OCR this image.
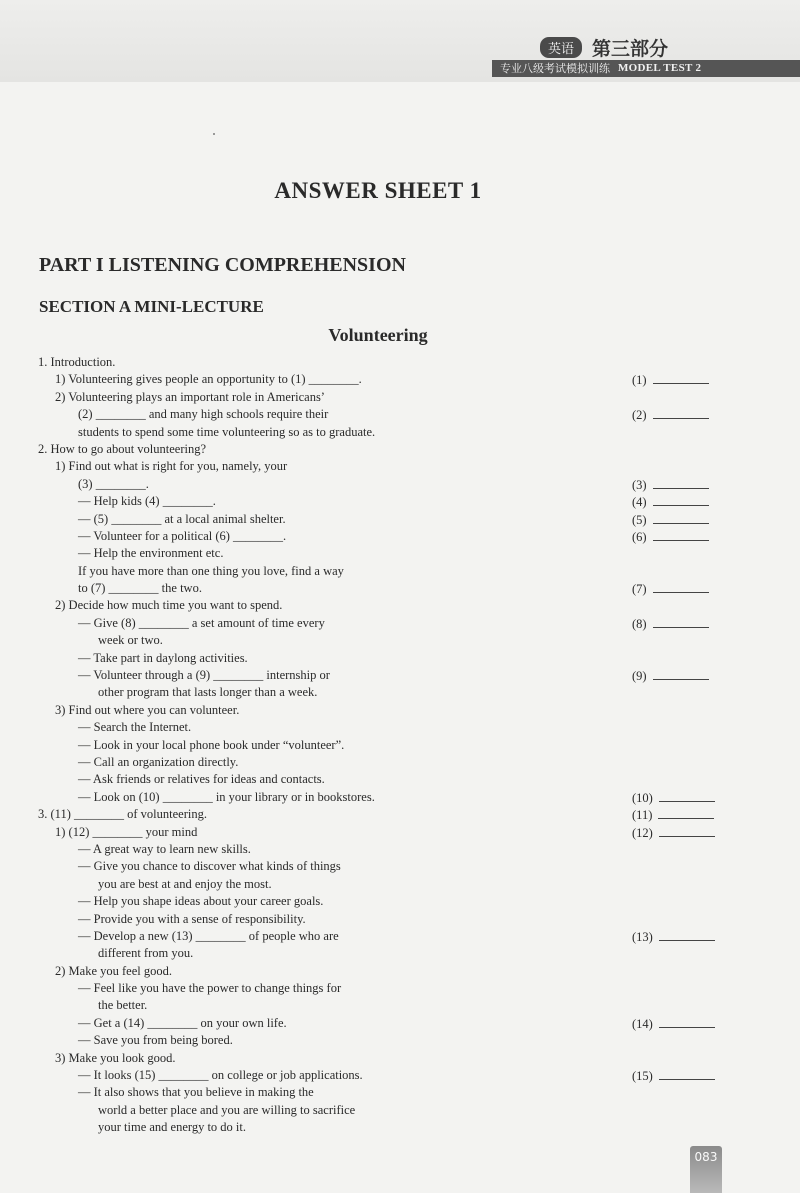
英语 第三部分
专业八级考试模拟训练 MODEL TEST 2
ANSWER SHEET 1
PART I LISTENING COMPREHENSION
SECTION A MINI-LECTURE
Volunteering
1. Introduction.
1) Volunteering gives people an opportunity to (1) ________.	(1)
2) Volunteering plays an important role in Americans’
(2) ________ and many high schools require their	(2)
students to spend some time volunteering so as to graduate.
2. How to go about volunteering?
1) Find out what is right for you, namely, your
(3) ________.	(3)
— Help kids (4) ________.	(4)
— (5) ________ at a local animal shelter.	(5)
— Volunteer for a political (6) ________.	(6)
— Help the environment etc.
If you have more than one thing you love, find a way
to (7) ________ the two.	(7)
2) Decide how much time you want to spend.
— Give (8) ________ a set amount of time every	(8)
week or two.
— Take part in daylong activities.
— Volunteer through a (9) ________ internship or	(9)
other program that lasts longer than a week.
3) Find out where you can volunteer.
— Search the Internet.
— Look in your local phone book under “volunteer”.
— Call an organization directly.
— Ask friends or relatives for ideas and contacts.
— Look on (10) ________ in your library or in bookstores.	(10)
3. (11) ________ of volunteering.	(11)
1) (12) ________ your mind	(12)
— A great way to learn new skills.
— Give you chance to discover what kinds of things
you are best at and enjoy the most.
— Help you shape ideas about your career goals.
— Provide you with a sense of responsibility.
— Develop a new (13) ________ of people who are	(13)
different from you.
2) Make you feel good.
— Feel like you have the power to change things for
the better.
— Get a (14) ________ on your own life.	(14)
— Save you from being bored.
3) Make you look good.
— It looks (15) ________ on college or job applications.	(15)
— It also shows that you believe in making the
world a better place and you are willing to sacrifice
your time and energy to do it.
083
